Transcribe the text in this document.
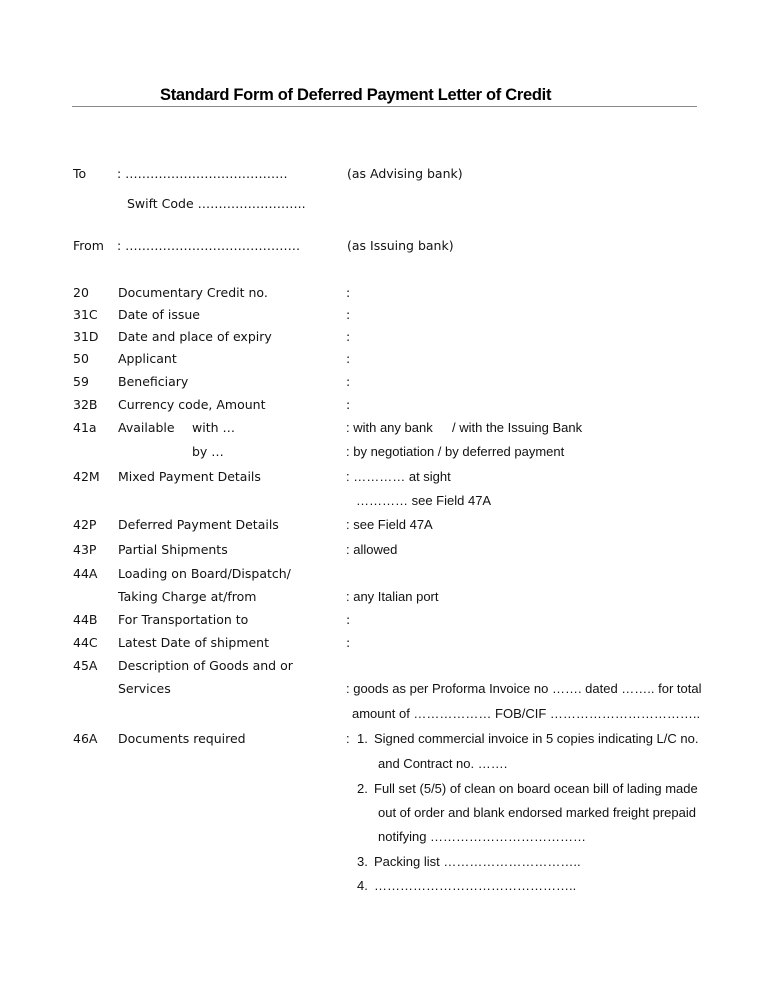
Standard Form of Deferred Payment Letter of Credit
To : …………………………………	(as Advising bank)
Swift Code ……………………..
From : ……………………………………	(as Issuing bank)
20 Documentary Credit no.	:
31C Date of issue	:
31D Date and place of expiry	:
50 Applicant	:
59 Beneficiary	:
32B Currency code, Amount	:
41a Available with …	: with any bank / with the Issuing Bank
by …	: by negotiation / by deferred payment
42M Mixed Payment Details	: ………… at sight
………… see Field 47A
42P Deferred Payment Details	: see Field 47A
43P Partial Shipments	: allowed
44A Loading on Board/Dispatch/
Taking Charge at/from	: any Italian port
44B For Transportation to	:
44C Latest Date of shipment	:
45A Description of Goods and or
Services	: goods as per Proforma Invoice no ……. dated …….. for total
amount of ……………… FOB/CIF ……………………………..
46A Documents required	: 1. Signed commercial invoice in 5 copies indicating L/C no.
and Contract no. …….
2. Full set (5/5) of clean on board ocean bill of lading made
out of order and blank endorsed marked freight prepaid
notifying ………………………………
3. Packing list …………………………..
4. ………………………………………..
